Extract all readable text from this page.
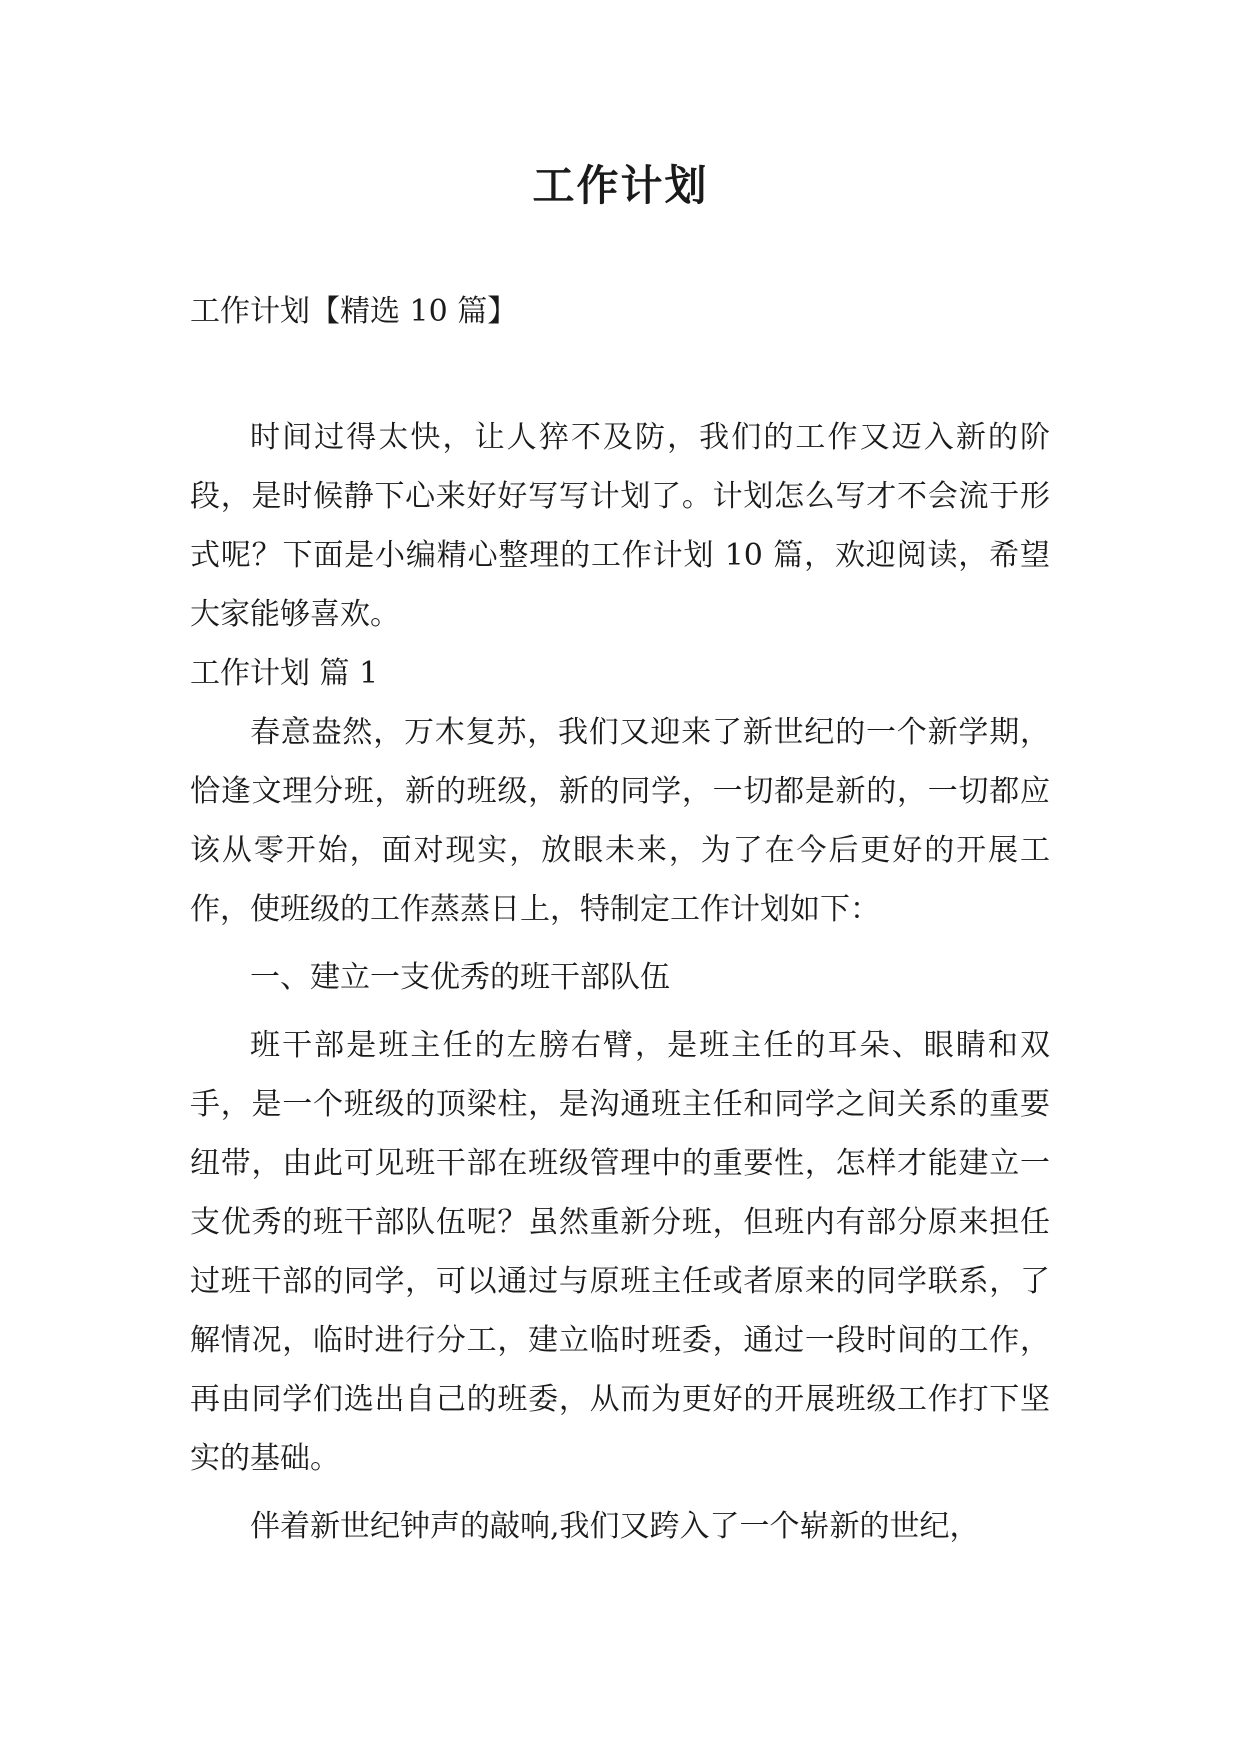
工作计划
工作计划【精选 10 篇】

时间过得太快，让人猝不及防，我们的工作又迈入新的阶段，是时候静下心来好好写写计划了。计划怎么写才不会流于形式呢？下面是小编精心整理的工作计划 10 篇，欢迎阅读，希望大家能够喜欢。

工作计划 篇 1

春意盎然，万木复苏，我们又迎来了新世纪的一个新学期，恰逢文理分班，新的班级，新的同学，一切都是新的，一切都应该从零开始，面对现实，放眼未来，为了在今后更好的开展工作，使班级的工作蒸蒸日上，特制定工作计划如下：

一、建立一支优秀的班干部队伍

班干部是班主任的左膀右臂，是班主任的耳朵、眼睛和双手，是一个班级的顶梁柱，是沟通班主任和同学之间关系的重要纽带，由此可见班干部在班级管理中的重要性，怎样才能建立一支优秀的班干部队伍呢？虽然重新分班，但班内有部分原来担任过班干部的同学，可以通过与原班主任或者原来的同学联系，了解情况，临时进行分工，建立临时班委，通过一段时间的工作，再由同学们选出自己的班委，从而为更好的开展班级工作打下坚实的基础。

伴着新世纪钟声的敲响,我们又跨入了一个崭新的世纪，
